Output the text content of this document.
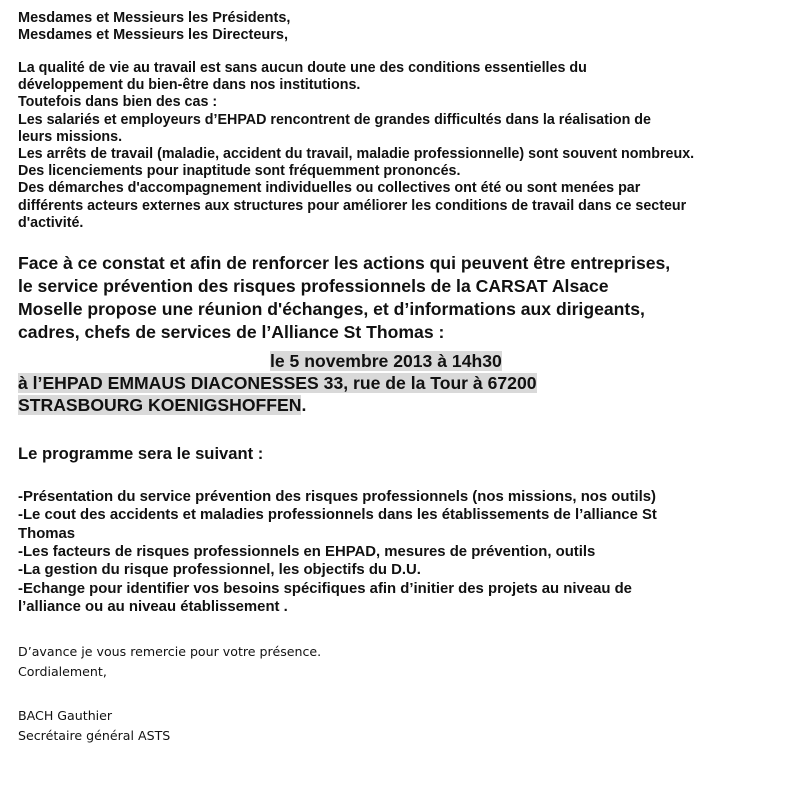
Mesdames et Messieurs les Présidents,
Mesdames et Messieurs les Directeurs,
La qualité de vie au travail est sans aucun doute une des conditions essentielles du
développement du bien-être dans nos institutions.
Toutefois dans bien des cas :
Les salariés et employeurs d’EHPAD rencontrent de grandes difficultés dans la réalisation de
leurs missions.
Les arrêts de travail (maladie, accident du travail, maladie professionnelle) sont souvent nombreux.
Des licenciements pour inaptitude sont fréquemment prononcés.
Des démarches d'accompagnement individuelles ou collectives ont été ou sont menées par
différents acteurs externes aux structures pour améliorer les conditions de travail dans ce secteur
d'activité.
Face à ce constat et afin de renforcer les actions qui peuvent être entreprises,
le service prévention des risques professionnels de la CARSAT Alsace
Moselle propose une réunion d'échanges, et d’informations aux dirigeants,
cadres, chefs de services de l’Alliance St Thomas :
le 5 novembre 2013 à 14h30
à l’EHPAD EMMAUS DIACONESSES 33, rue de la Tour à 67200
STRASBOURG KOENIGSHOFFEN.
Le programme sera le suivant :
-Présentation du service prévention des risques professionnels (nos missions, nos outils)
-Le cout des accidents et maladies professionnels dans les établissements de l’alliance St
Thomas
-Les facteurs de risques professionnels en EHPAD, mesures de prévention, outils
-La gestion du risque professionnel, les objectifs du D.U.
-Echange pour identifier vos besoins spécifiques afin d’initier des projets au niveau de
l’alliance ou au niveau établissement .
D’avance je vous remercie pour votre présence.
Cordialement,
BACH Gauthier
Secrétaire général ASTS
